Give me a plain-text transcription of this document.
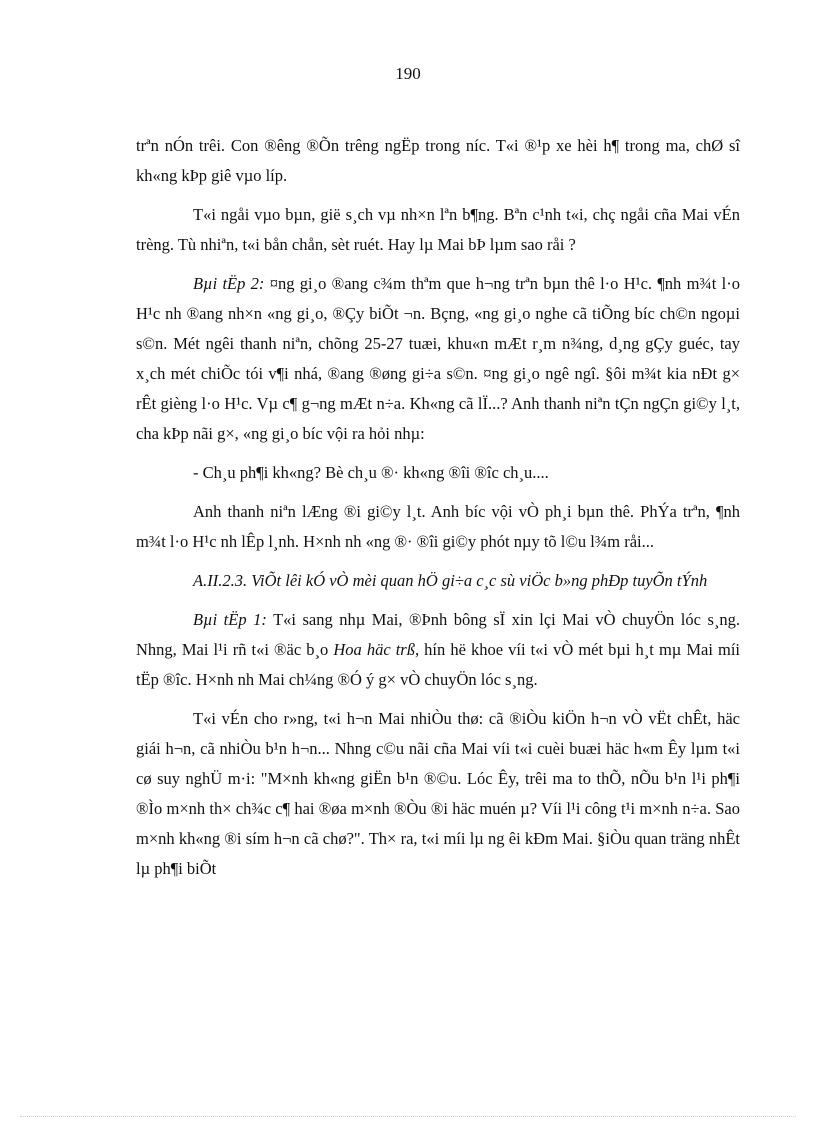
190

trªn nÓn trêi. Con ®êng ®Õn trêng ngËp trong níc. T«i ®¹p xe hèi h¶ trong ma, chØ sî kh«ng kÞp giê vµo líp.

T«i ngåi vµo bµn, gië s¸ch vµ nh×n lªn b¶ng. Bªn c¹nh t«i, chç ngåi cña Mai vÉn trèng. Tù nhiªn, t«i bån chån, sèt ruét. Hay lµ Mai bÞ lµm sao råi ?

Bµi tËp 2: ¤ng gi¸o ®ang c¾m thªm que h¬ng trªn bµn thê l·o H¹c. ¶nh m¾t l·o H¹c nh ®ang nh×n «ng gi¸o, ®Çy biÕt ¬n. Bçng, «ng gi¸o nghe cã tiÕng bíc ch©n ngoµi s©n. Mét ngêi thanh niªn, chõng 25-27 tuæi, khu«n mÆt r¸m n¾ng, d¸ng gÇy guéc, tay x¸ch mét chiÕc tói v¶i nhá, ®ang ®øng gi÷a s©n. ¤ng gi¸o ngê ngî. §ôi m¾t kia nÐt g× rÊt gièng l·o H¹c. Vµ c¶ g¬ng mÆt n÷a. Kh«ng cã lÏ...? Anh thanh niªn tÇn ngÇn gi©y l¸t, cha kÞp nãi g×, «ng gi¸o bíc vội ra hỏi nhµ:

- Ch¸u ph¶i kh«ng? Bè ch¸u ®· kh«ng ®îi ®îc ch¸u....

Anh thanh niªn lÆng ®i gi©y l¸t. Anh bíc vội vÒ ph¸i bµn thê. PhÝa trªn, ¶nh m¾t l·o H¹c nh lÊp l¸nh. H×nh nh «ng ®· ®îi gi©y phót nµy tõ l©u l¾m råi...

A.II.2.3. ViÕt lêi kÓ vÒ mèi quan hÖ gi÷a c¸c sù viÖc b»ng phÐp tuyÕn tÝnh

Bµi tËp 1: T«i sang nhµ Mai, ®Þnh bông sÏ xin lçi Mai vÒ chuyÖn lóc s¸ng. Nhng, Mai l¹i rñ t«i ®äc b¸o Hoa häc trß, hín hë khoe víi t«i vÒ mét bµi h¸t mµ Mai míi tËp ®îc. H×nh nh Mai ch¼ng ®Ó ý g× vÒ chuyÖn lóc s¸ng.

T«i vÉn cho r»ng, t«i h¬n Mai nhiÒu thø: cã ®iÒu kiÖn h¬n vÒ vËt chÊt, häc giái h¬n, cã nhiÒu b¹n h¬n... Nhng c©u nãi cña Mai víi t«i cuèi buæi häc h«m Êy lµm t«i cø suy nghÜ m·i: "M×nh kh«ng giËn b¹n ®©u. Lóc Êy, trêi ma to thÕ, nÕu b¹n l¹i ph¶i ®Ìo m×nh th× ch¾c c¶ hai ®øa m×nh ®Òu ®i häc muén µ? Víi l¹i công t¹i m×nh n÷a. Sao m×nh kh«ng ®i sím h¬n cã chø?". Th× ra, t«i míi lµ ng êi kÐm Mai. §iÒu quan träng nhÊt lµ ph¶i biÕt
